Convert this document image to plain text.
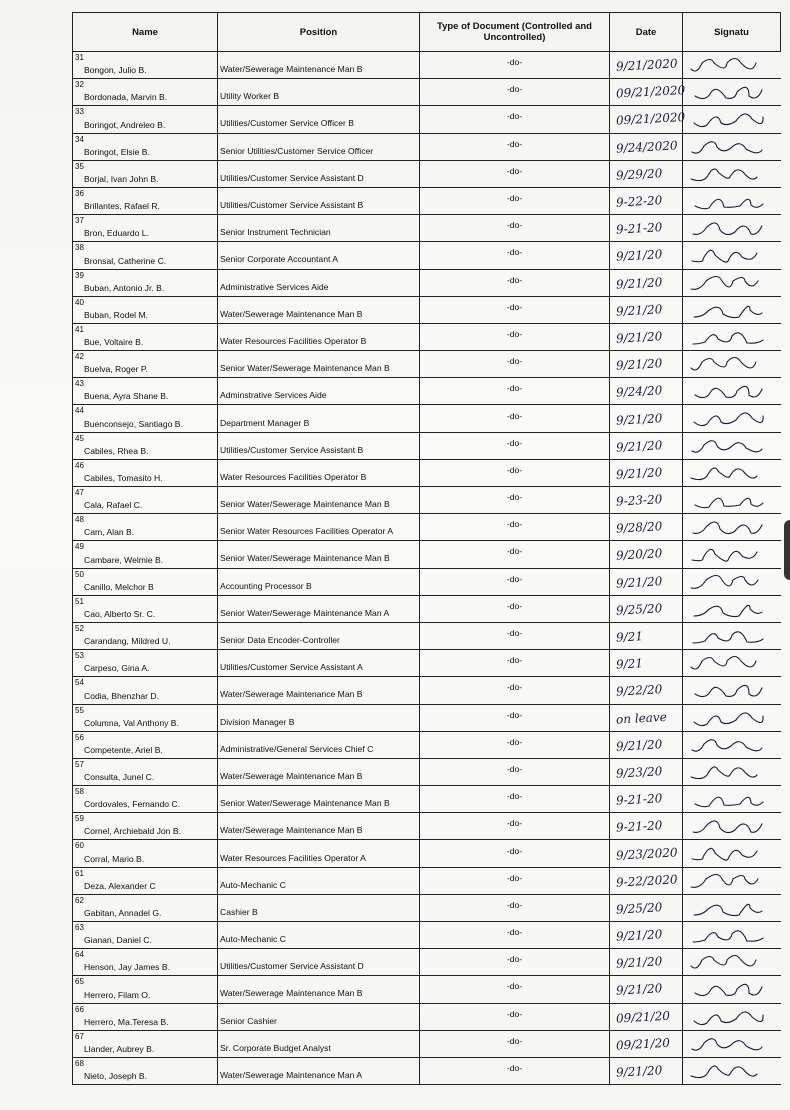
Name	Position	Type of Document (Controlled and Uncontrolled)	Date	Signatu

31
Bongon, Julio B.	Water/Sewerage Maintenance Man B	-do-	9/21/2020

32
Bordonada, Marvin B.	Utility Worker B	-do-	09/21/2020

33
Boringot, Andreleo B.	Utilities/Customer Service Officer B	-do-	09/21/2020

34
Boringot, Elsie B.	Senior Utilities/Customer Service Officer	-do-	9/24/2020

35
Borjal, Ivan John B.	Utilities/Customer Service Assistant D	-do-	9/29/20

36
Brillantes, Rafael R.	Utilities/Customer Service Assistant B	-do-	9-22-20

37
Bron, Eduardo L.	Senior Instrument Technician	-do-	9-21-20

38
Bronsal, Catherine C.	Senior Corporate Accountant A	-do-	9/21/20

39
Buban, Antonio Jr. B.	Administrative Services Aide	-do-	9/21/20

40
Buban, Rodel M.	Water/Sewerage Maintenance Man B	-do-	9/21/20

41
Bue, Voltaire B.	Water Resources Facilities Operator B	-do-	9/21/20

42
Buelva, Roger P.	Senior Water/Sewerage Maintenance Man B	-do-	9/21/20

43
Buena, Ayra Shane B.	Adminstrative Services Aide	-do-	9/24/20

44
Buenconsejo, Santiago B.	Department Manager B	-do-	9/21/20

45
Cabiles, Rhea B.	Utilities/Customer Service Assistant B	-do-	9/21/20

46
Cabiles, Tomasito H.	Water Resources Facilities Operator B	-do-	9/21/20

47
Cala, Rafael C.	Senior Water/Sewerage Maintenance Man B	-do-	9-23-20

48
Cam, Alan B.	Senior Water Resources Facilities Operator A	-do-	9/28/20

49
Cambare, Welmie B.	Senior Water/Sewerage Maintenance Man B	-do-	9/20/20

50
Canillo, Melchor B	Accounting Processor B	-do-	9/21/20

51
Cao, Alberto Sr. C.	Senior Water/Sewerage Maintenance Man A	-do-	9/25/20

52
Carandang, Mildred U.	Senior Data Encoder-Controller	-do-	9/21

53
Carpeso, Gina A.	Utilities/Customer Service Assistant A	-do-	9/21

54
Codia, Bhenzhar D.	Water/Sewerage Maintenance Man B	-do-	9/22/20

55
Columna, Val Anthony B.	Division Manager B	-do-	on leave

56
Competente, Ariel B.	Administrative/General Services Chief C	-do-	9/21/20

57
Consulta, Junel C.	Water/Sewerage Maintenance Man B	-do-	9/23/20

58
Cordovales, Fernando C.	Senior Water/Sewerage Maintenance Man B	-do-	9-21-20

59
Cornel, Archiebald Jon B.	Water/Sewerage Maintenance Man B	-do-	9-21-20

60
Corral, Mario B.	Water Resources Facilities Operator A	-do-	9/23/2020

61
Deza, Alexander C	Auto-Mechanic C	-do-	9-22/2020

62
Gabitan, Annadel G.	Cashier B	-do-	9/25/20

63
Gianan, Daniel C.	Auto-Mechanic C	-do-	9/21/20

64
Henson, Jay James B.	Utilities/Customer Service Assistant D	-do-	9/21/20

65
Herrero, Filam O.	Water/Sewerage Maintenance Man B	-do-	9/21/20

66
Herrero, Ma.Teresa B.	Senior Cashier	-do-	09/21/20

67
Llander, Aubrey B.	Sr. Corporate Budget Analyst	-do-	09/21/20

68
Nieto, Joseph B.	Water/Sewerage Maintenance Man A	-do-	9/21/20
